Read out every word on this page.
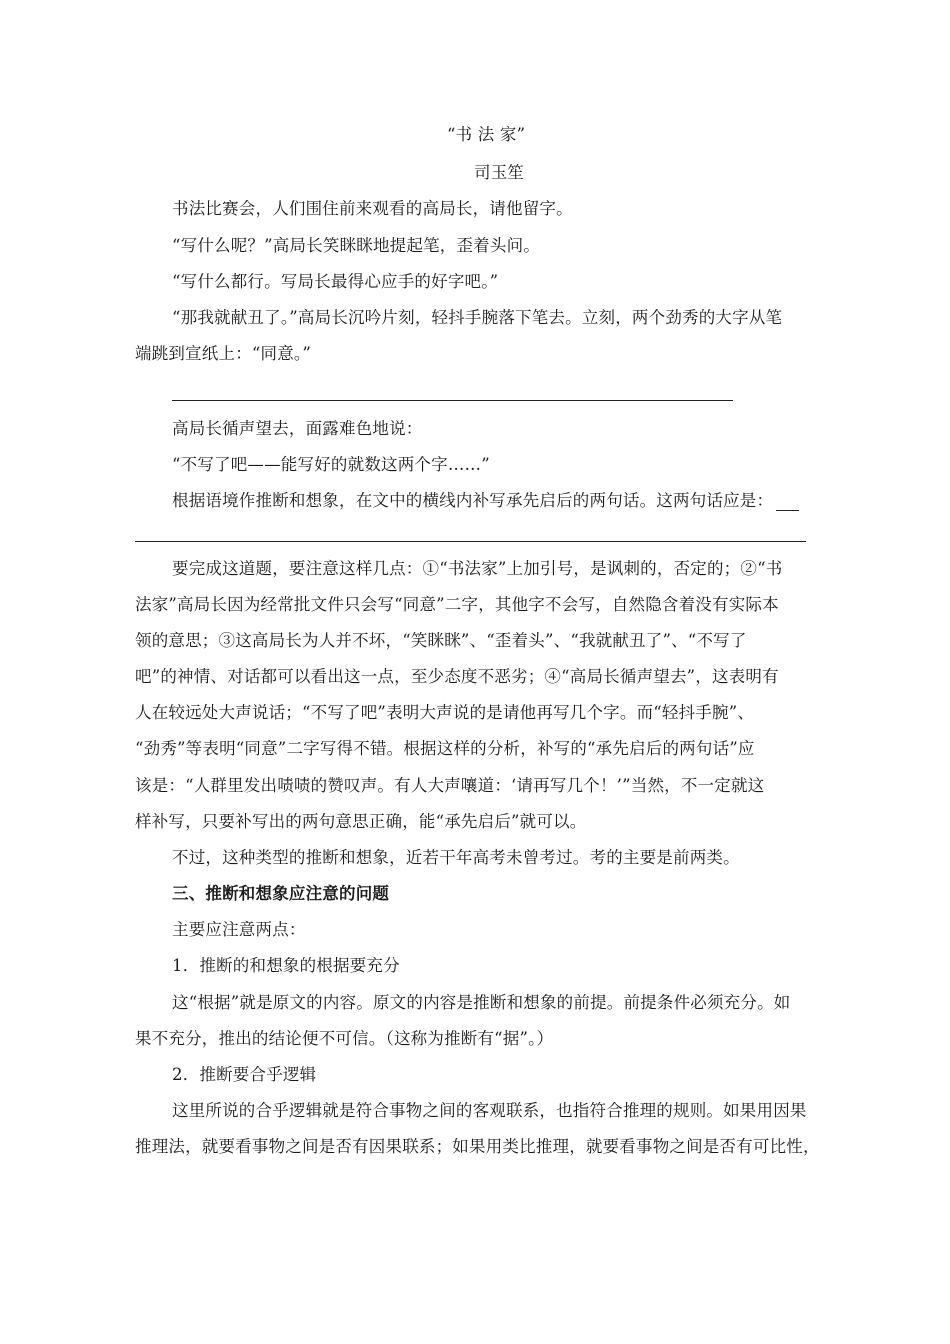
“书 法 家”
司玉笙
书法比赛会，人们围住前来观看的高局长，请他留字。
“写什么呢？”高局长笑眯眯地提起笔，歪着头问。
“写什么都行。写局长最得心应手的好字吧。”
“那我就献丑了。”高局长沉吟片刻，轻抖手腕落下笔去。立刻，两个劲秀的大字从笔
端跳到宣纸上：“同意。”
高局长循声望去，面露难色地说：
“不写了吧——能写好的就数这两个字……”
根据语境作推断和想象，在文中的横线内补写承先启后的两句话。这两句话应是：
要完成这道题，要注意这样几点：①“书法家”上加引号，是讽刺的，否定的；②“书
法家”高局长因为经常批文件只会写“同意”二字，其他字不会写，自然隐含着没有实际本
领的意思；③这高局长为人并不坏，“笑眯眯”、“歪着头”、“我就献丑了”、“不写了
吧”的神情、对话都可以看出这一点，至少态度不恶劣；④“高局长循声望去”，这表明有
人在较远处大声说话；“不写了吧”表明大声说的是请他再写几个字。而“轻抖手腕”、
“劲秀”等表明“同意”二字写得不错。根据这样的分析，补写的“承先启后的两句话”应
该是：“人群里发出啧啧的赞叹声。有人大声嚷道：‘请再写几个！’”当然，不一定就这
样补写，只要补写出的两句意思正确，能“承先启后”就可以。
不过，这种类型的推断和想象，近若干年高考未曾考过。考的主要是前两类。
三、推断和想象应注意的问题
主要应注意两点：
1．推断的和想象的根据要充分
这“根据”就是原文的内容。原文的内容是推断和想象的前提。前提条件必须充分。如
果不充分，推出的结论便不可信。（这称为推断有“据”。）
2．推断要合乎逻辑
这里所说的合乎逻辑就是符合事物之间的客观联系，也指符合推理的规则。如果用因果
推理法，就要看事物之间是否有因果联系；如果用类比推理，就要看事物之间是否有可比性，
